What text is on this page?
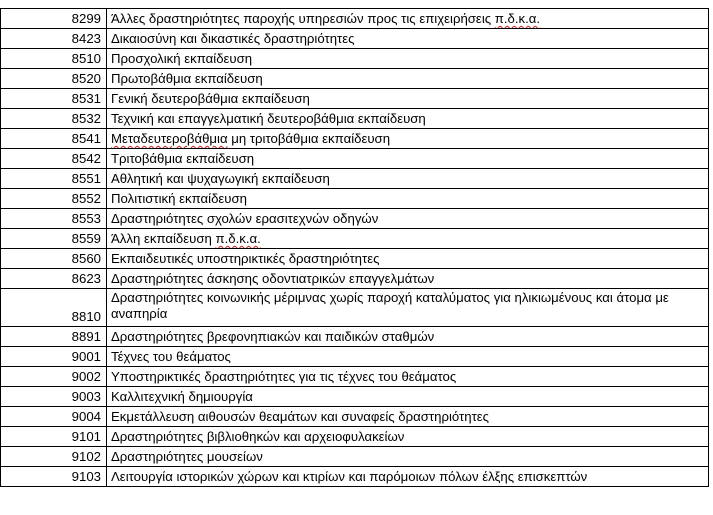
8299	Άλλες δραστηριότητες παροχής υπηρεσιών προς τις επιχειρήσεις π.δ.κ.α.
8423	Δικαιοσύνη και δικαστικές δραστηριότητες
8510	Προσχολική εκπαίδευση
8520	Πρωτοβάθμια εκπαίδευση
8531	Γενική δευτεροβάθμια εκπαίδευση
8532	Τεχνική και επαγγελματική δευτεροβάθμια εκπαίδευση
8541	Μεταδευτεροβάθμια μη τριτοβάθμια εκπαίδευση
8542	Τριτοβάθμια εκπαίδευση
8551	Αθλητική και ψυχαγωγική εκπαίδευση
8552	Πολιτιστική εκπαίδευση
8553	Δραστηριότητες σχολών ερασιτεχνών οδηγών
8559	Άλλη εκπαίδευση π.δ.κ.α.
8560	Εκπαιδευτικές υποστηρικτικές δραστηριότητες
8623	Δραστηριότητες άσκησης οδοντιατρικών επαγγελμάτων
8810	Δραστηριότητες κοινωνικής μέριμνας χωρίς παροχή καταλύματος για ηλικιωμένους και άτομα με αναπηρία
8891	Δραστηριότητες βρεφονηπιακών και παιδικών σταθμών
9001	Τέχνες του θεάματος
9002	Υποστηρικτικές δραστηριότητες για τις τέχνες του θεάματος
9003	Καλλιτεχνική δημιουργία
9004	Εκμετάλλευση αιθουσών θεαμάτων και συναφείς δραστηριότητες
9101	Δραστηριότητες βιβλιοθηκών και αρχειοφυλακείων
9102	Δραστηριότητες μουσείων
9103	Λειτουργία ιστορικών χώρων και κτιρίων και παρόμοιων πόλων έλξης επισκεπτών
